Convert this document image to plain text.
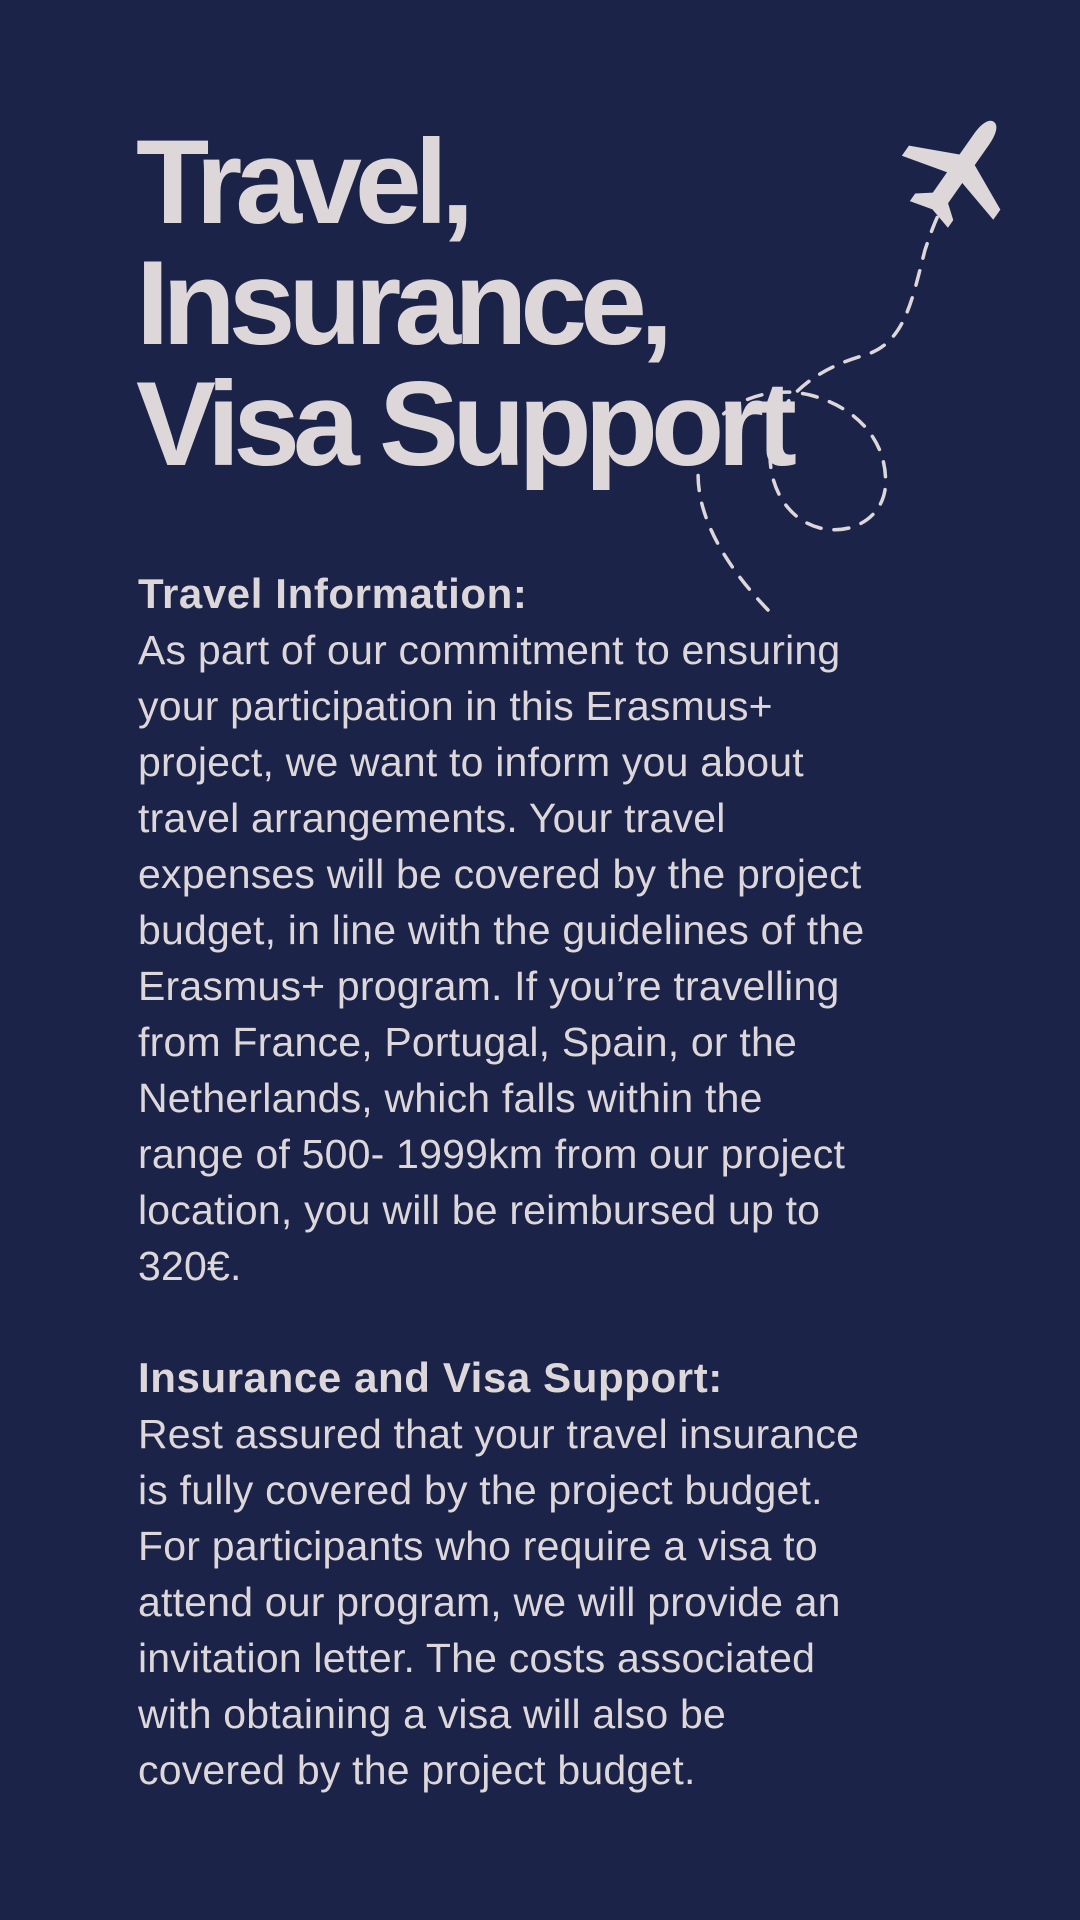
Travel,
Insurance,
Visa Support
Travel Information:

As part of our commitment to ensuring
your participation in this Erasmus+
project, we want to inform you about
travel arrangements. Your travel
expenses will be covered by the project
budget, in line with the guidelines of the
Erasmus+ program. If you’re travelling
from France, Portugal, Spain, or the
Netherlands, which falls within the
range of 500- 1999km from our project
location, you will be reimbursed up to
320€.

Insurance and Visa Support:

Rest assured that your travel insurance
is fully covered by the project budget.
For participants who require a visa to
attend our program, we will provide an
invitation letter. The costs associated
with obtaining a visa will also be
covered by the project budget.
